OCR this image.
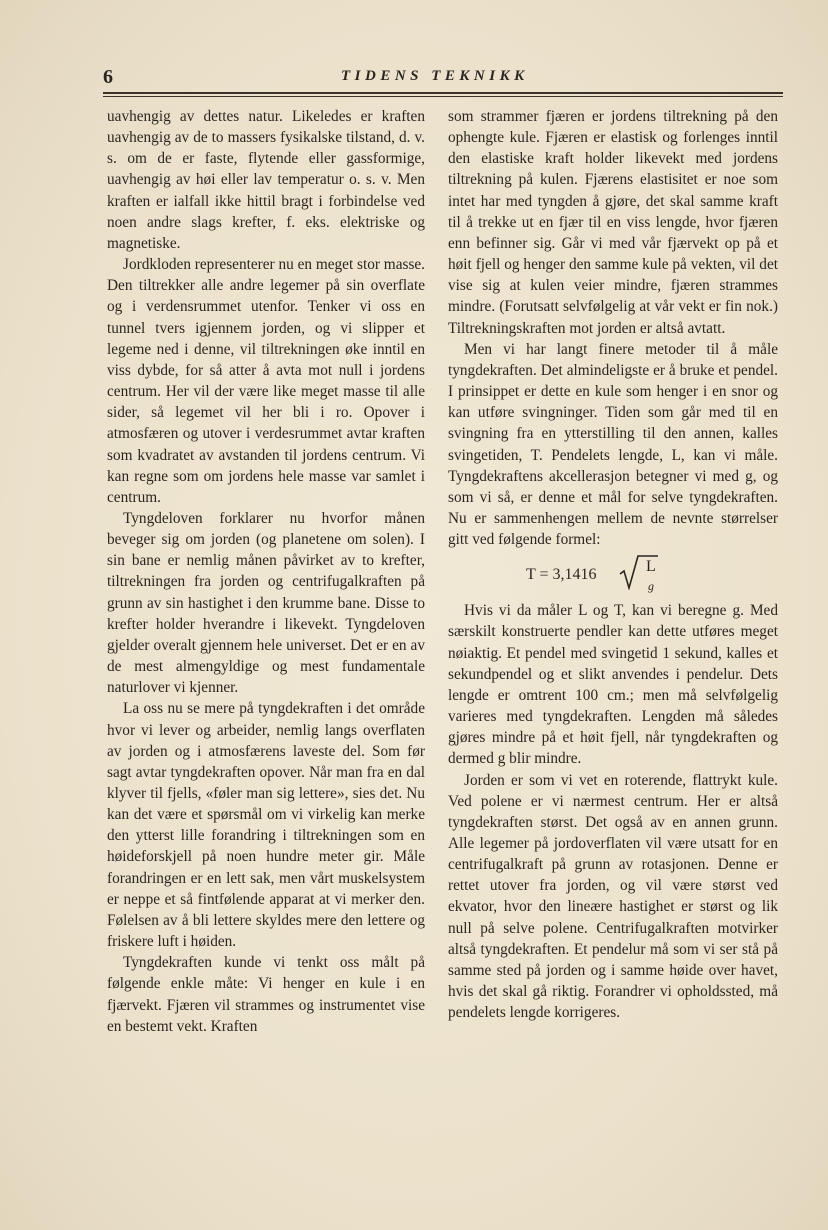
6	TIDENS TEKNIKK

uavhengig av dettes natur. Likeledes er kraften uavhengig av de to massers fysikalske tilstand, d. v. s. om de er faste, flytende eller gassformige, uavhengig av høi eller lav temperatur o. s. v. Men kraften er ialfall ikke hittil bragt i forbindelse ved noen andre slags krefter, f. eks. elektriske og magnetiske.

Jordkloden representerer nu en meget stor masse. Den tiltrekker alle andre legemer på sin overflate og i verdensrummet utenfor. Tenker vi oss en tunnel tvers igjennem jorden, og vi slipper et legeme ned i denne, vil tiltrekningen øke inntil en viss dybde, for så atter å avta mot null i jordens centrum. Her vil der være like meget masse til alle sider, så legemet vil her bli i ro. Opover i atmosfæren og utover i verdesrummet avtar kraften som kvadratet av avstanden til jordens centrum. Vi kan regne som om jordens hele masse var samlet i centrum.

Tyngdeloven forklarer nu hvorfor månen beveger sig om jorden (og planetene om solen). I sin bane er nemlig månen påvirket av to krefter, tiltrekningen fra jorden og centrifugalkraften på grunn av sin hastighet i den krumme bane. Disse to krefter holder hverandre i likevekt. Tyngdeloven gjelder overalt gjennem hele universet. Det er en av de mest almengyldige og mest fundamentale naturlover vi kjenner.

La oss nu se mere på tyngdekraften i det område hvor vi lever og arbeider, nemlig langs overflaten av jorden og i atmosfærens laveste del. Som før sagt avtar tyngdekraften opover. Når man fra en dal klyver til fjells, «føler man sig lettere», sies det. Nu kan det være et spørsmål om vi virkelig kan merke den ytterst lille forandring i tiltrekningen som en høideforskjell på noen hundre meter gir. Måle forandringen er en lett sak, men vårt muskelsystem er neppe et så fintfølende apparat at vi merker den. Følelsen av å bli lettere skyldes mere den lettere og friskere luft i høiden.

Tyngdekraften kunde vi tenkt oss målt på følgende enkle måte: Vi henger en kule i en fjærvekt. Fjæren vil strammes og instrumentet vise en bestemt vekt. Kraften

som strammer fjæren er jordens tiltrekning på den ophengte kule. Fjæren er elastisk og forlenges inntil den elastiske kraft holder likevekt med jordens tiltrekning på kulen. Fjærens elastisitet er noe som intet har med tyngden å gjøre, det skal samme kraft til å trekke ut en fjær til en viss lengde, hvor fjæren enn befinner sig. Går vi med vår fjærvekt op på et høit fjell og henger den samme kule på vekten, vil det vise sig at kulen veier mindre, fjæren strammes mindre. (Forutsatt selvfølgelig at vår vekt er fin nok.) Tiltrekningskraften mot jorden er altså avtatt.

Men vi har langt finere metoder til å måle tyngdekraften. Det almindeligste er å bruke et pendel. I prinsippet er dette en kule som henger i en snor og kan utføre svingninger. Tiden som går med til en svingning fra en ytterstilling til den annen, kalles svingetiden, T. Pendelets lengde, L, kan vi måle. Tyngdekraftens akcellerasjon betegner vi med g, og som vi så, er denne et mål for selve tyngdekraften. Nu er sammenhengen mellem de nevnte størrelser gitt ved følgende formel:

T = 3,1416	L
g

Hvis vi da måler L og T, kan vi beregne g. Med særskilt konstruerte pendler kan dette utføres meget nøiaktig. Et pendel med svingetid 1 sekund, kalles et sekundpendel og et slikt anvendes i pendelur. Dets lengde er omtrent 100 cm.; men må selvfølgelig varieres med tyngdekraften. Lengden må således gjøres mindre på et høit fjell, når tyngdekraften og dermed g blir mindre.

Jorden er som vi vet en roterende, flattrykt kule. Ved polene er vi nærmest centrum. Her er altså tyngdekraften størst. Det også av en annen grunn. Alle legemer på jordoverflaten vil være utsatt for en centrifugalkraft på grunn av rotasjonen. Denne er rettet utover fra jorden, og vil være størst ved ekvator, hvor den lineære hastighet er størst og lik null på selve polene. Centrifugalkraften motvirker altså tyngdekraften. Et pendelur må som vi ser stå på samme sted på jorden og i samme høide over havet, hvis det skal gå riktig. Forandrer vi opholdssted, må pendelets lengde korrigeres.
